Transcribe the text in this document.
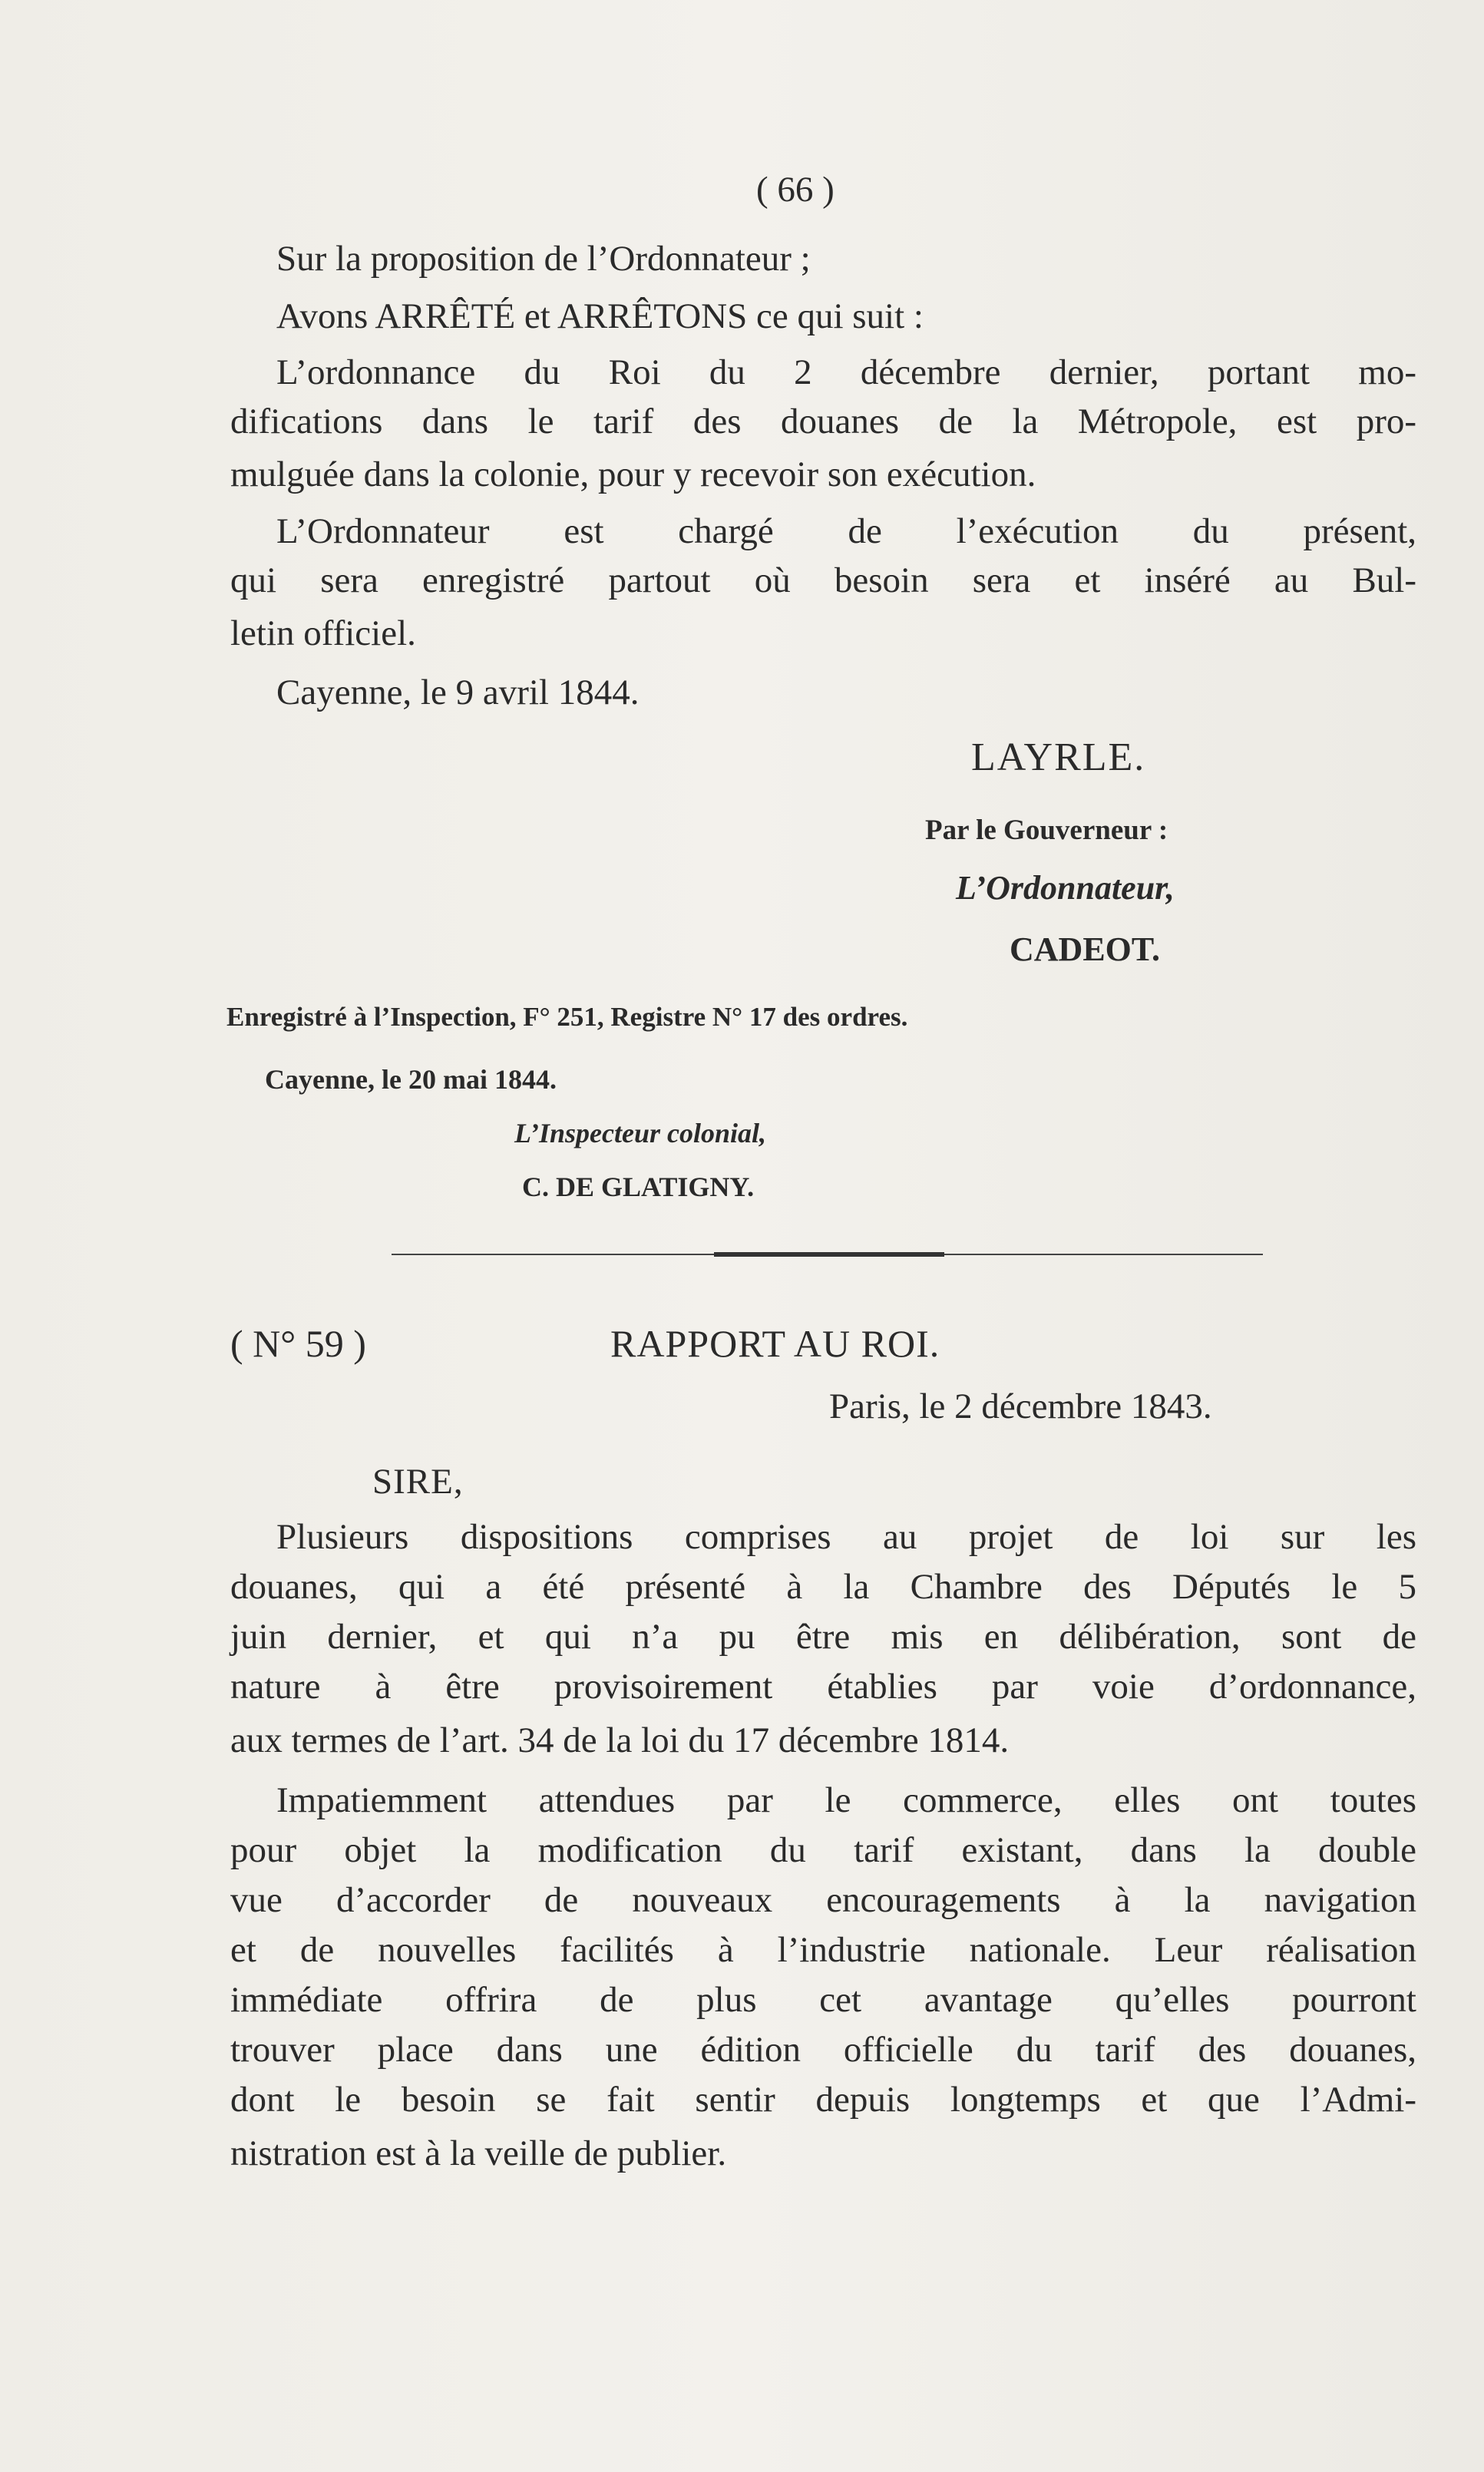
( 66 )
Sur la proposition de l’Ordonnateur ;
Avons ARRÊTÉ et ARRÊTONS ce qui suit :
L’ordonnance du Roi du 2 décembre dernier, portant mo-
difications dans le tarif des douanes de la Métropole, est pro-
mulguée dans la colonie, pour y recevoir son exécution.
L’Ordonnateur est chargé de l’exécution du présent,
qui sera enregistré partout où besoin sera et inséré au Bul-
letin officiel.
Cayenne, le 9 avril 1844.
LAYRLE.
Par le Gouverneur :
L’Ordonnateur,
CADEOT.
Enregistré à l’Inspection, F° 251, Registre N° 17 des ordres.
Cayenne, le 20 mai 1844.
L’Inspecteur colonial,
C. DE GLATIGNY.
( N° 59 )	RAPPORT AU ROI.
Paris, le 2 décembre 1843.
SIRE,
Plusieurs dispositions comprises au projet de loi sur les
douanes, qui a été présenté à la Chambre des Députés le 5
juin dernier, et qui n’a pu être mis en délibération, sont de
nature à être provisoirement établies par voie d’ordonnance,
aux termes de l’art. 34 de la loi du 17 décembre 1814.
Impatiemment attendues par le commerce, elles ont toutes
pour objet la modification du tarif existant, dans la double
vue d’accorder de nouveaux encouragements à la navigation
et de nouvelles facilités à l’industrie nationale. Leur réalisation
immédiate offrira de plus cet avantage qu’elles pourront
trouver place dans une édition officielle du tarif des douanes,
dont le besoin se fait sentir depuis longtemps et que l’Admi-
nistration est à la veille de publier.
